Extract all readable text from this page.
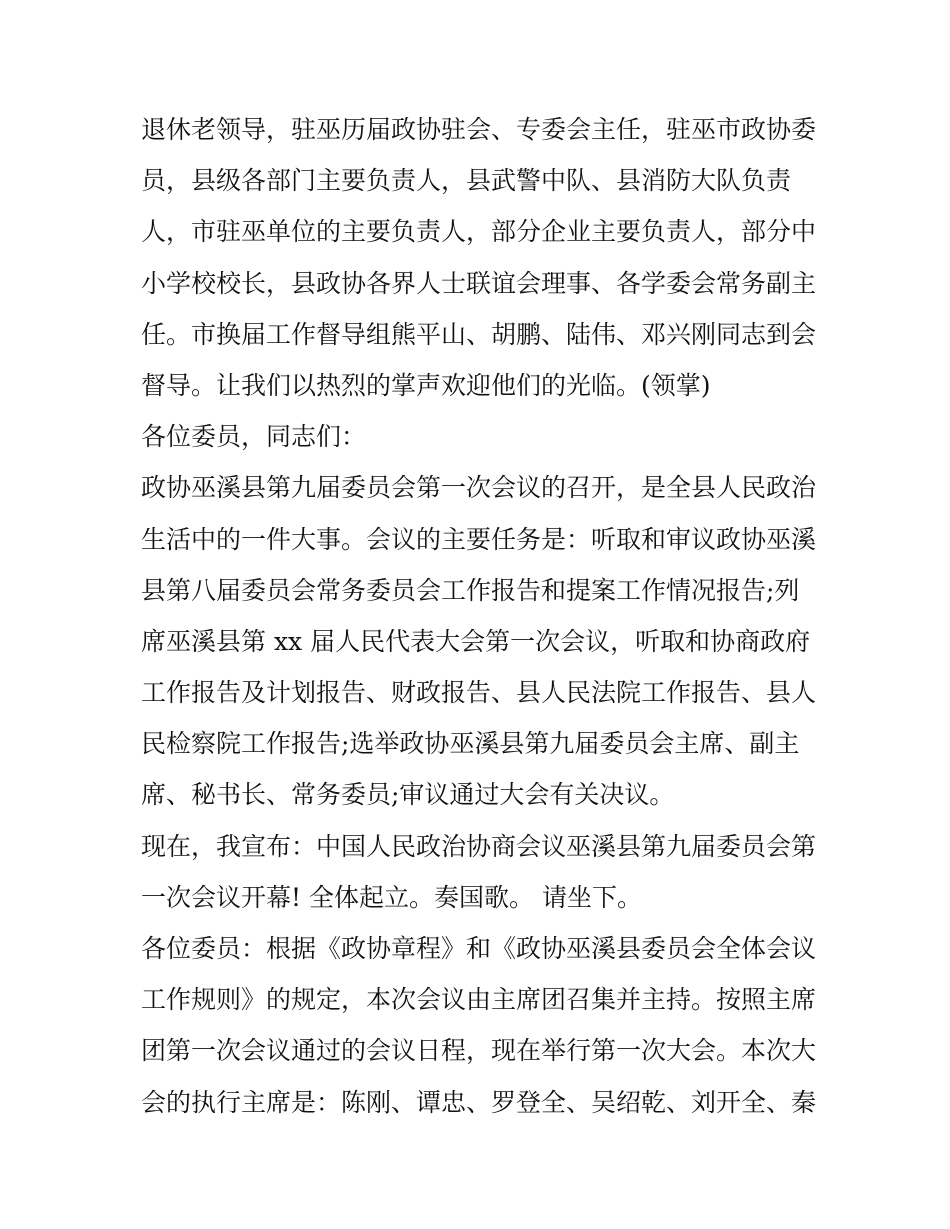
退休老领导，驻巫历届政协驻会、专委会主任，驻巫市政协委
员，县级各部门主要负责人，县武警中队、县消防大队负责
人，市驻巫单位的主要负责人，部分企业主要负责人，部分中
小学校校长，县政协各界人士联谊会理事、各学委会常务副主
任。市换届工作督导组熊平山、胡鹏、陆伟、邓兴刚同志到会
督导。让我们以热烈的掌声欢迎他们的光临。(领掌)
各位委员，同志们：
政协巫溪县第九届委员会第一次会议的召开，是全县人民政治
生活中的一件大事。会议的主要任务是：听取和审议政协巫溪
县第八届委员会常务委员会工作报告和提案工作情况报告;列
席巫溪县第 xx 届人民代表大会第一次会议，听取和协商政府
工作报告及计划报告、财政报告、县人民法院工作报告、县人
民检察院工作报告;选举政协巫溪县第九届委员会主席、副主
席、秘书长、常务委员;审议通过大会有关决议。
现在，我宣布：中国人民政治协商会议巫溪县第九届委员会第
一次会议开幕! 全体起立。奏国歌。 请坐下。
各位委员：根据《政协章程》和《政协巫溪县委员会全体会议
工作规则》的规定，本次会议由主席团召集并主持。按照主席
团第一次会议通过的会议日程，现在举行第一次大会。本次大
会的执行主席是：陈刚、谭忠、罗登全、吴绍乾、刘开全、秦
